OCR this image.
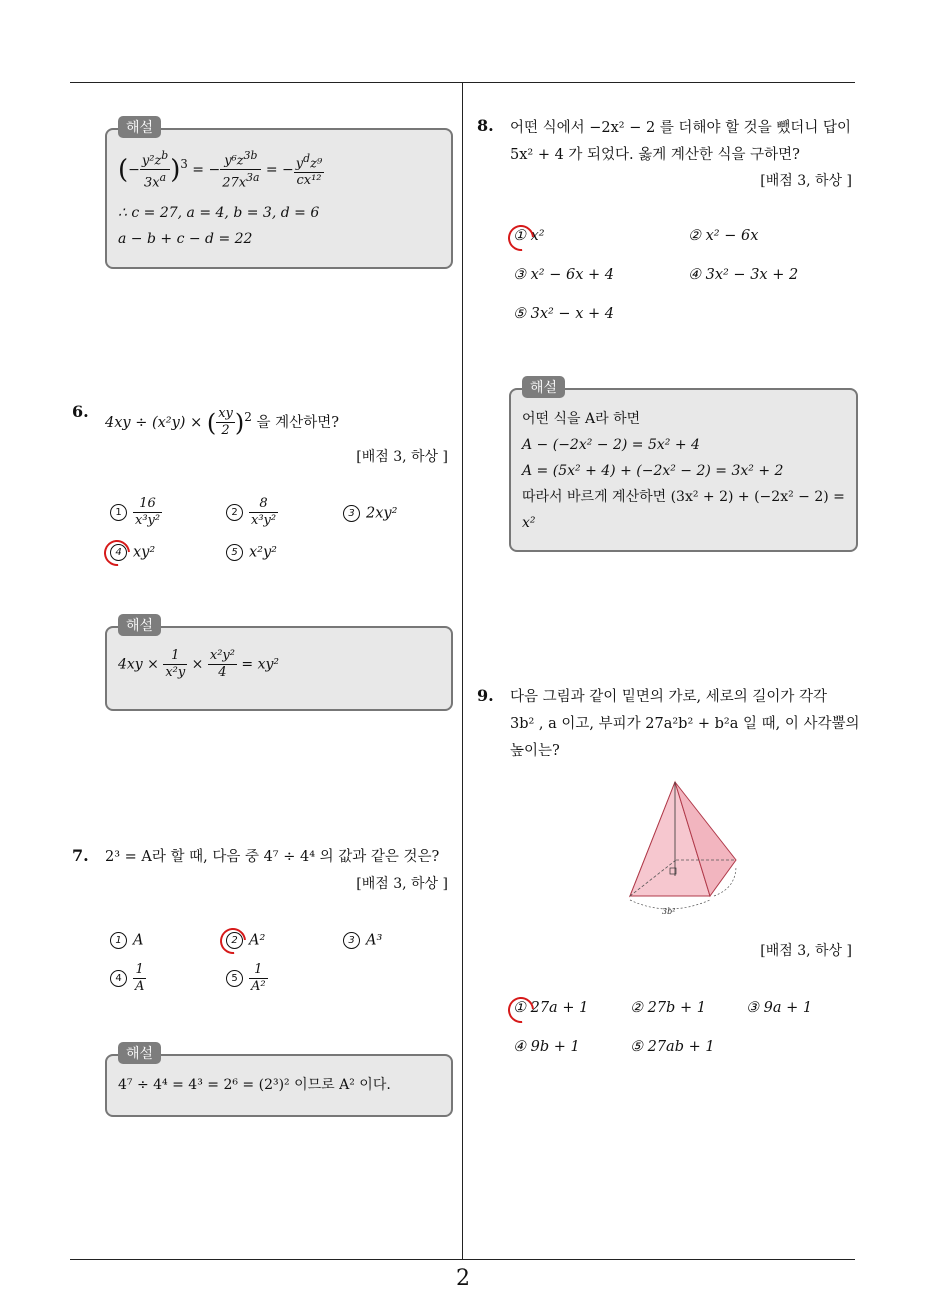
2
해설
(− $\frac{y^2z^b}{3x^a} )^3$ = − $\frac{y^6z^{3b}}{27x^{3a}}$ = − $\frac{y^dz^9}{\text{cx¹²}}$
∴ c = 27, a = 4, b = 3, d = 6
a − b + c − d = 22
6.
4xy ÷ (x²y) × ( $\frac{xy}{2} )^2$ 을 계산하면?
[배점 3, 하상 ]
$1 \frac{16}{\text{x³y²}}$	$2 \frac{8}{\text{x³y²}}$	3 2xy²
4 xy²	5 x²y²
해설
$4xy \times \frac{1}{\text{x²y}} \times \frac{\text{x²y²}}{4} = xy^2$
7. 2³ = A라 할 때, 다음 중 4⁷ ÷ 4⁴ 의 값과 같은 것은?
[배점 3, 하상 ]
1 A	2 A²	3 A³
$4 \frac{1}{A}$	$5 \frac{1}{\text{A²}}$
해설
4⁷ ÷ 4⁴ = 4³ = 2⁶ = (2³)² 이므로 A² 이다.
8. 어떤 식에서 −2x² − 2 를 더해야 할 것을 뺐더니 답이
5x² + 4 가 되었다. 옳게 계산한 식을 구하면?
[배점 3, 하상 ]
① x²	② x² − 6x
③ x² − 6x + 4	④ 3x² − 3x + 2
⑤ 3x² − x + 4
해설
어떤 식을 A라 하면
A − (−2x² − 2) = 5x² + 4
A = (5x² + 4) + (−2x² − 2) = 3x² + 2
따라서 바르게 계산하면 (3x² + 2) + (−2x² − 2) =
x²
9. 다음 그림과 같이 밑면의 가로, 세로의 길이가 각각
3b² , a 이고, 부피가 27a²b² + b²a 일 때, 이 사각뿔의
높이는?
3b²
[배점 3, 하상 ]
① 27a + 1	② 27b + 1	③ 9a + 1
④ 9b + 1	⑤ 27ab + 1
